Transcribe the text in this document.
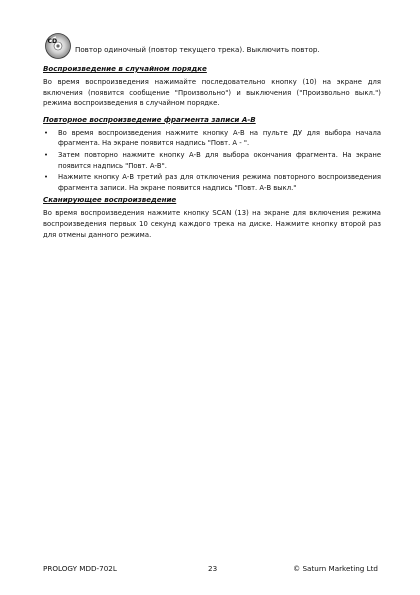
CD
Повтор одиночный (повтор текущего трека). Выключить повтор.
Воспроизведение в случайном порядке

Во время воспроизведения нажимайте последовательно кнопку (10) на экране для включения (появится сообщение "Произвольно") и выключения ("Произвольно выкл.") режима воспроизведения в случайном порядке.

Повторное воспроизведение фрагмента записи А-В
• Во время воспроизведения нажмите кнопку А-В на пульте ДУ для выбора начала фрагмента. На экране появится надпись "Повт. А - ".
• Затем повторно нажмите кнопку А-В для выбора окончания фрагмента. На экране появится надпись "Повт. А-В".
• Нажмите кнопку А-В третий раз для отключения режима повторного воспроизведения фрагмента записи. На экране появится надпись "Повт. А-В выкл."
Сканирующее воспроизведение

Во время воспроизведения нажмите кнопку SCAN (13) на экране для включения режима воспроизведения первых 10 секунд каждого трека на диске. Нажмите кнопку второй раз для отмены данного режима.

PROLOGY MDD-702L	23	© Saturn Marketing Ltd
